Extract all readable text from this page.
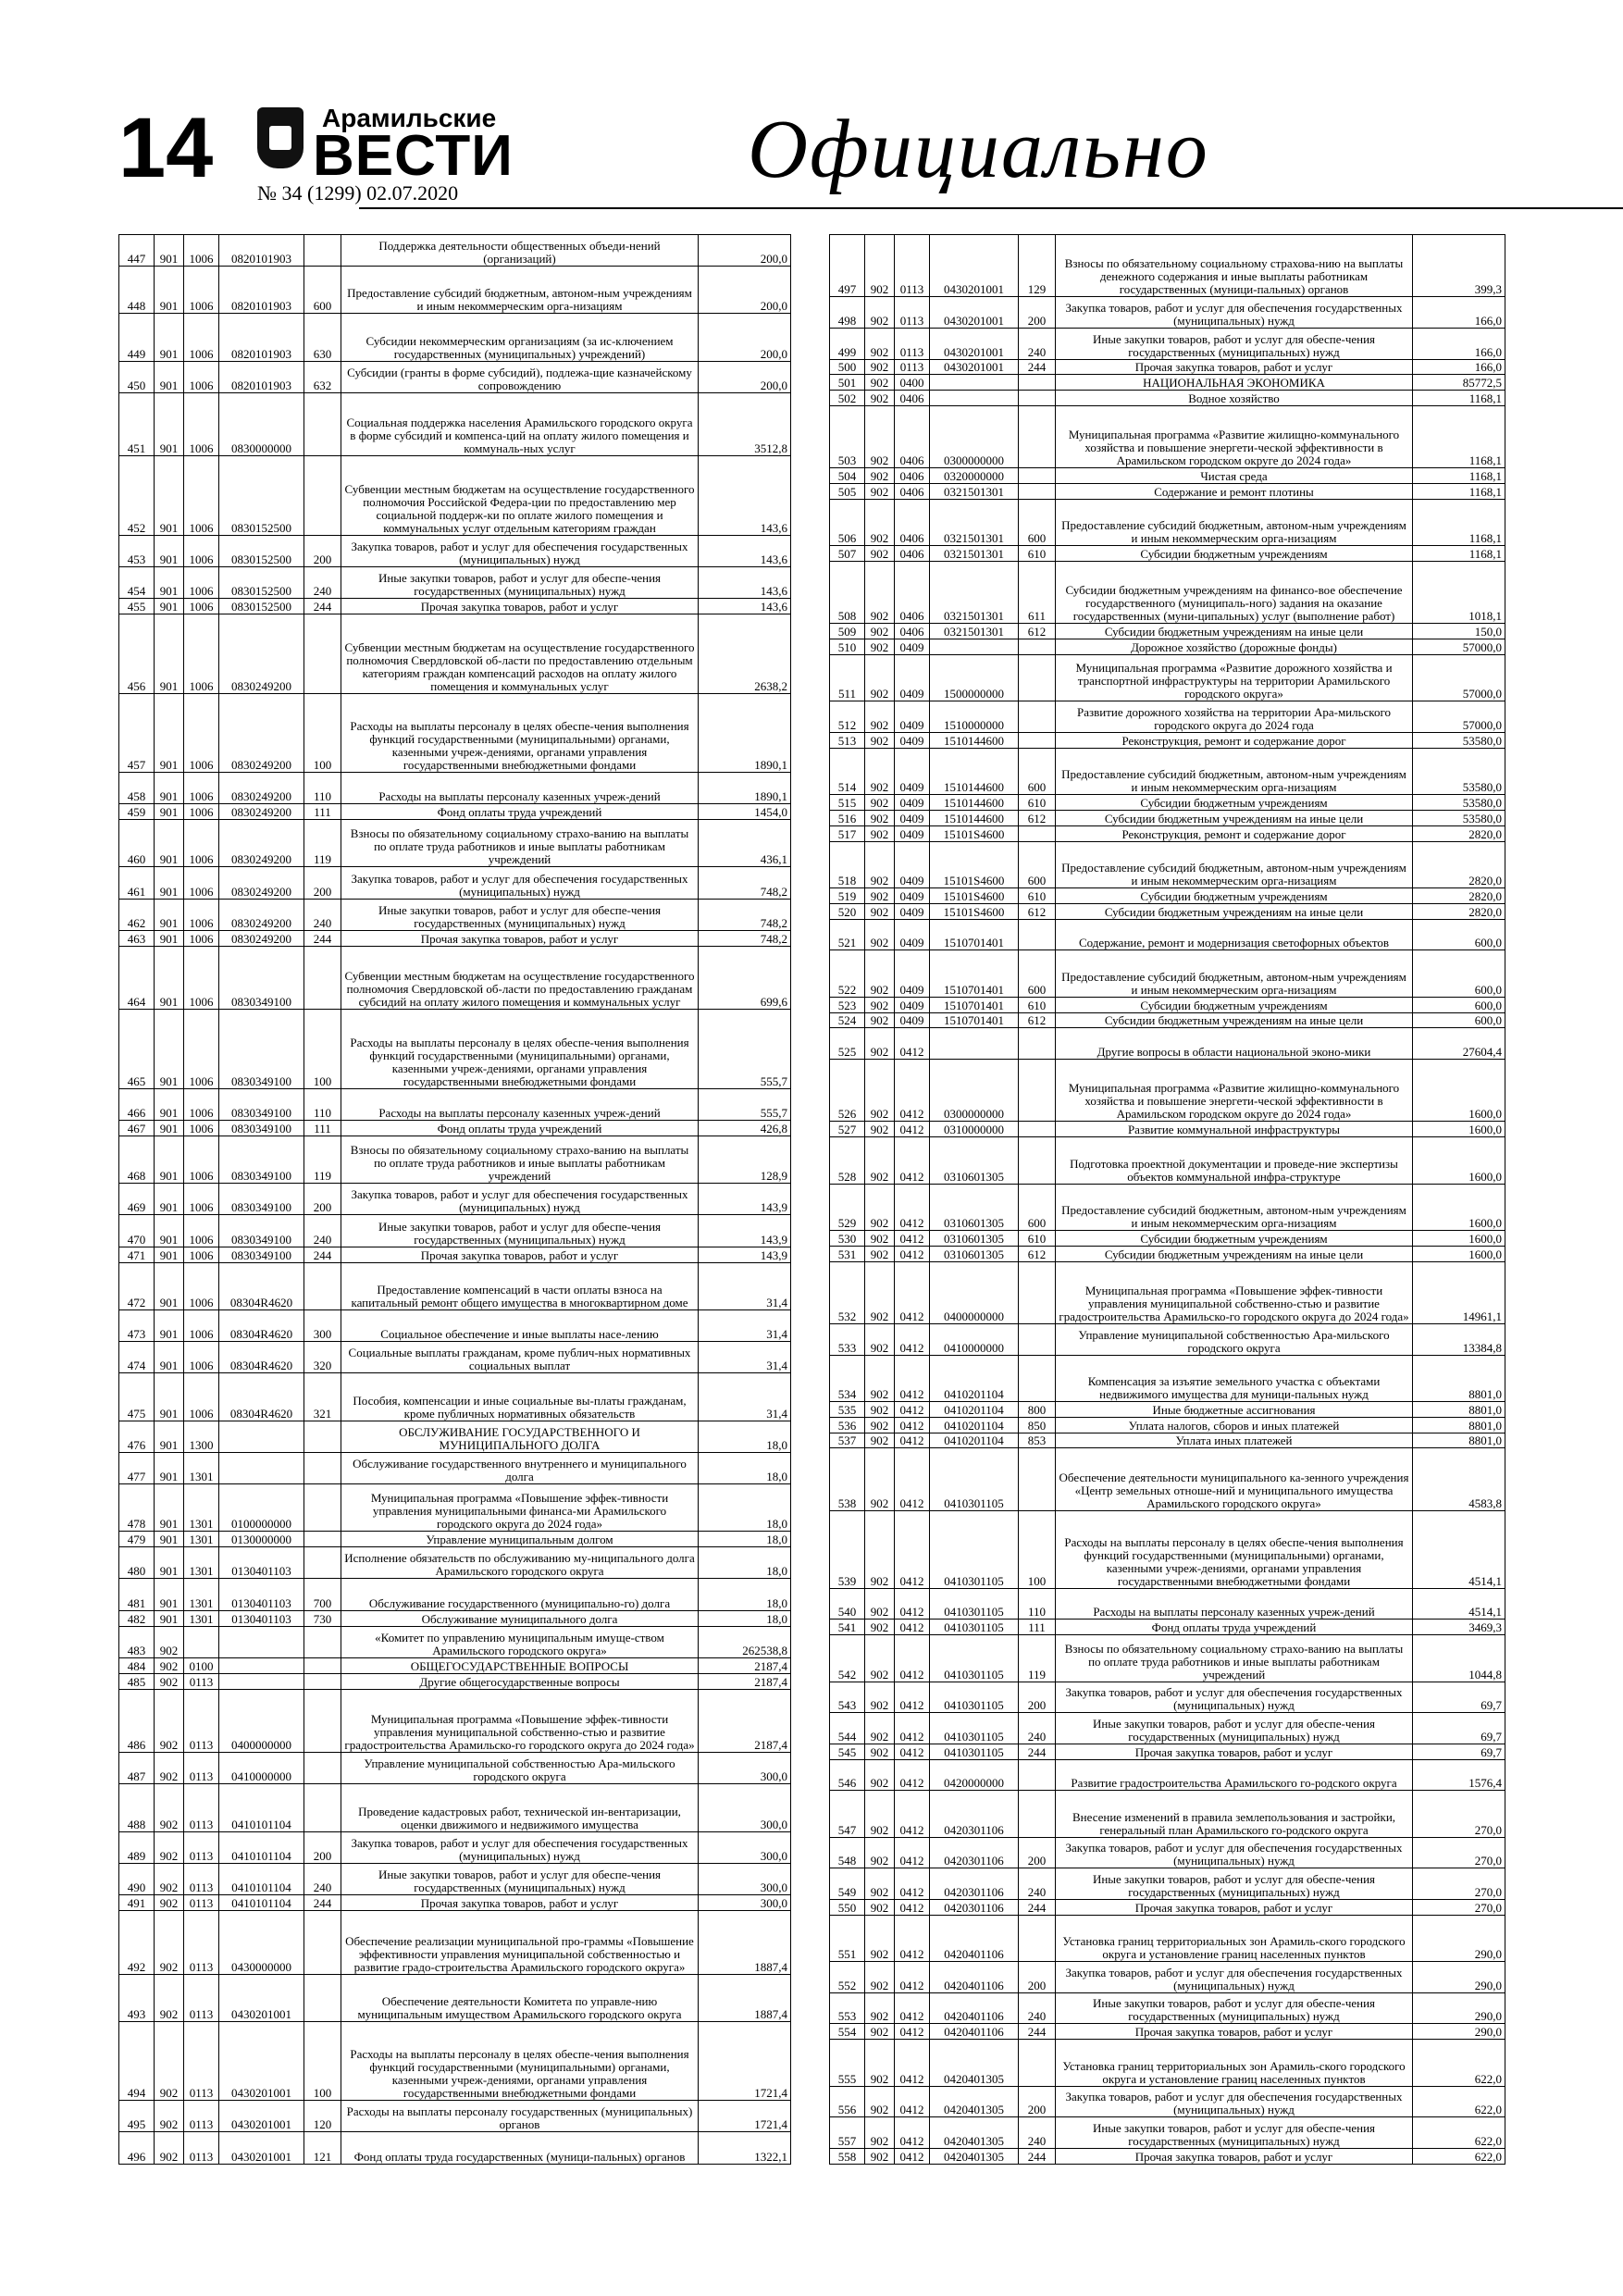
14	Арамильские
ВЕСТИ
№ 34 (1299) 02.07.2020	Официально
447	901	1006	0820101903		Поддержка деятельности общественных объеди-нений (организаций)	200,0
448	901	1006	0820101903	600	Предоставление субсидий бюджетным, автоном-ным учреждениям и иным некоммерческим орга-низациям	200,0
449	901	1006	0820101903	630	Субсидии некоммерческим организациям (за ис-ключением государственных (муниципальных) учреждений)	200,0
450	901	1006	0820101903	632	Субсидии (гранты в форме субсидий), подлежа-щие казначейскому сопровождению	200,0
451	901	1006	0830000000		Социальная поддержка населения Арамильского городского округа в форме субсидий и компенса-ций на оплату жилого помещения и коммуналь-ных услуг	3512,8
452	901	1006	0830152500		Субвенции местным бюджетам на осуществление государственного полномочия Российской Федера-ции по предоставлению мер социальной поддерж-ки по оплате жилого помещения и коммунальных услуг отдельным категориям граждан	143,6
453	901	1006	0830152500	200	Закупка товаров, работ и услуг для обеспечения государственных (муниципальных) нужд	143,6
454	901	1006	0830152500	240	Иные закупки товаров, работ и услуг для обеспе-чения государственных (муниципальных) нужд	143,6
455	901	1006	0830152500	244	Прочая закупка товаров, работ и услуг	143,6
456	901	1006	0830249200		Субвенции местным бюджетам на осуществление государственного полномочия Свердловской об-ласти по предоставлению отдельным категориям граждан компенсаций расходов на оплату жилого помещения и коммунальных услуг	2638,2
457	901	1006	0830249200	100	Расходы на выплаты персоналу в целях обеспе-чения выполнения функций государственными (муниципальными) органами, казенными учреж-дениями, органами управления государственными внебюджетными фондами	1890,1
458	901	1006	0830249200	110	Расходы на выплаты персоналу казенных учреж-дений	1890,1
459	901	1006	0830249200	111	Фонд оплаты труда учреждений	1454,0
460	901	1006	0830249200	119	Взносы по обязательному социальному страхо-ванию на выплаты по оплате труда работников и иные выплаты работникам учреждений	436,1
461	901	1006	0830249200	200	Закупка товаров, работ и услуг для обеспечения государственных (муниципальных) нужд	748,2
462	901	1006	0830249200	240	Иные закупки товаров, работ и услуг для обеспе-чения государственных (муниципальных) нужд	748,2
463	901	1006	0830249200	244	Прочая закупка товаров, работ и услуг	748,2
464	901	1006	0830349100		Субвенции местным бюджетам на осуществление государственного полномочия Свердловской об-ласти по предоставлению гражданам субсидий на оплату жилого помещения и коммунальных услуг	699,6
465	901	1006	0830349100	100	Расходы на выплаты персоналу в целях обеспе-чения выполнения функций государственными (муниципальными) органами, казенными учреж-дениями, органами управления государственными внебюджетными фондами	555,7
466	901	1006	0830349100	110	Расходы на выплаты персоналу казенных учреж-дений	555,7
467	901	1006	0830349100	111	Фонд оплаты труда учреждений	426,8
468	901	1006	0830349100	119	Взносы по обязательному социальному страхо-ванию на выплаты по оплате труда работников и иные выплаты работникам учреждений	128,9
469	901	1006	0830349100	200	Закупка товаров, работ и услуг для обеспечения государственных (муниципальных) нужд	143,9
470	901	1006	0830349100	240	Иные закупки товаров, работ и услуг для обеспе-чения государственных (муниципальных) нужд	143,9
471	901	1006	0830349100	244	Прочая закупка товаров, работ и услуг	143,9
472	901	1006	08304R4620		Предоставление компенсаций в части оплаты взноса на капитальный ремонт общего имущества в многоквартирном доме	31,4
473	901	1006	08304R4620	300	Социальное обеспечение и иные выплаты насе-лению	31,4
474	901	1006	08304R4620	320	Социальные выплаты гражданам, кроме публич-ных нормативных социальных выплат	31,4
475	901	1006	08304R4620	321	Пособия, компенсации и иные социальные вы-платы гражданам, кроме публичных нормативных обязательств	31,4
476	901	1300			ОБСЛУЖИВАНИЕ ГОСУДАРСТВЕННОГО И МУНИЦИПАЛЬНОГО ДОЛГА	18,0
477	901	1301			Обслуживание государственного внутреннего и муниципального долга	18,0
478	901	1301	0100000000		Муниципальная программа «Повышение эффек-тивности управления муниципальными финанса-ми Арамильского городского округа до 2024 года»	18,0
479	901	1301	0130000000		Управление муниципальным долгом	18,0
480	901	1301	0130401103		Исполнение обязательств по обслуживанию му-ниципального долга Арамильского городского округа	18,0
481	901	1301	0130401103	700	Обслуживание государственного (муниципально-го) долга	18,0
482	901	1301	0130401103	730	Обслуживание муниципального долга	18,0
483	902				«Комитет по управлению муниципальным имуще-ством Арамильского городского округа»	262538,8
484	902	0100			ОБЩЕГОСУДАРСТВЕННЫЕ ВОПРОСЫ	2187,4
485	902	0113			Другие общегосударственные вопросы	2187,4
486	902	0113	0400000000		Муниципальная программа «Повышение эффек-тивности управления муниципальной собственно-стью и развитие градостроительства Арамильско-го городского округа до 2024 года»	2187,4
487	902	0113	0410000000		Управление муниципальной собственностью Ара-мильского городского округа	300,0
488	902	0113	0410101104		Проведение кадастровых работ, технической ин-вентаризации, оценки движимого и недвижимого имущества	300,0
489	902	0113	0410101104	200	Закупка товаров, работ и услуг для обеспечения государственных (муниципальных) нужд	300,0
490	902	0113	0410101104	240	Иные закупки товаров, работ и услуг для обеспе-чения государственных (муниципальных) нужд	300,0
491	902	0113	0410101104	244	Прочая закупка товаров, работ и услуг	300,0
492	902	0113	0430000000		Обеспечение реализации муниципальной про-граммы «Повышение эффективности управления муниципальной собственностью и развитие градо-строительства Арамильского городского округа»	1887,4
493	902	0113	0430201001		Обеспечение деятельности Комитета по управле-нию муниципальным имуществом Арамильского городского округа	1887,4
494	902	0113	0430201001	100	Расходы на выплаты персоналу в целях обеспе-чения выполнения функций государственными (муниципальными) органами, казенными учреж-дениями, органами управления государственными внебюджетными фондами	1721,4
495	902	0113	0430201001	120	Расходы на выплаты персоналу государственных (муниципальных) органов	1721,4
496	902	0113	0430201001	121	Фонд оплаты труда государственных (муници-пальных) органов	1322,1
497	902	0113	0430201001	129	Взносы по обязательному социальному страхова-нию на выплаты денежного содержания и иные выплаты работникам государственных (муници-пальных) органов	399,3
498	902	0113	0430201001	200	Закупка товаров, работ и услуг для обеспечения государственных (муниципальных) нужд	166,0
499	902	0113	0430201001	240	Иные закупки товаров, работ и услуг для обеспе-чения государственных (муниципальных) нужд	166,0
500	902	0113	0430201001	244	Прочая закупка товаров, работ и услуг	166,0
501	902	0400			НАЦИОНАЛЬНАЯ ЭКОНОМИКА	85772,5
502	902	0406			Водное хозяйство	1168,1
503	902	0406	0300000000		Муниципальная программа «Развитие жилищно-коммунального хозяйства и повышение энергети-ческой эффективности в Арамильском городском округе до 2024 года»	1168,1
504	902	0406	0320000000		Чистая среда	1168,1
505	902	0406	0321501301		Содержание и ремонт плотины	1168,1
506	902	0406	0321501301	600	Предоставление субсидий бюджетным, автоном-ным учреждениям и иным некоммерческим орга-низациям	1168,1
507	902	0406	0321501301	610	Субсидии бюджетным учреждениям	1168,1
508	902	0406	0321501301	611	Субсидии бюджетным учреждениям на финансо-вое обеспечение государственного (муниципаль-ного) задания на оказание государственных (муни-ципальных) услуг (выполнение работ)	1018,1
509	902	0406	0321501301	612	Субсидии бюджетным учреждениям на иные цели	150,0
510	902	0409			Дорожное хозяйство (дорожные фонды)	57000,0
511	902	0409	1500000000		Муниципальная программа «Развитие дорожного хозяйства и транспортной инфраструктуры на территории Арамильского городского округа»	57000,0
512	902	0409	1510000000		Развитие дорожного хозяйства на территории Ара-мильского городского округа до 2024 года	57000,0
513	902	0409	1510144600		Реконструкция, ремонт и содержание дорог	53580,0
514	902	0409	1510144600	600	Предоставление субсидий бюджетным, автоном-ным учреждениям и иным некоммерческим орга-низациям	53580,0
515	902	0409	1510144600	610	Субсидии бюджетным учреждениям	53580,0
516	902	0409	1510144600	612	Субсидии бюджетным учреждениям на иные цели	53580,0
517	902	0409	15101S4600		Реконструкция, ремонт и содержание дорог	2820,0
518	902	0409	15101S4600	600	Предоставление субсидий бюджетным, автоном-ным учреждениям и иным некоммерческим орга-низациям	2820,0
519	902	0409	15101S4600	610	Субсидии бюджетным учреждениям	2820,0
520	902	0409	15101S4600	612	Субсидии бюджетным учреждениям на иные цели	2820,0
521	902	0409	1510701401		Содержание, ремонт и модернизация светофорных объектов	600,0
522	902	0409	1510701401	600	Предоставление субсидий бюджетным, автоном-ным учреждениям и иным некоммерческим орга-низациям	600,0
523	902	0409	1510701401	610	Субсидии бюджетным учреждениям	600,0
524	902	0409	1510701401	612	Субсидии бюджетным учреждениям на иные цели	600,0
525	902	0412			Другие вопросы в области национальной эконо-мики	27604,4
526	902	0412	0300000000		Муниципальная программа «Развитие жилищно-коммунального хозяйства и повышение энергети-ческой эффективности в Арамильском городском округе до 2024 года»	1600,0
527	902	0412	0310000000		Развитие коммунальной инфраструктуры	1600,0
528	902	0412	0310601305		Подготовка проектной документации и проведе-ние экспертизы объектов коммунальной инфра-структуре	1600,0
529	902	0412	0310601305	600	Предоставление субсидий бюджетным, автоном-ным учреждениям и иным некоммерческим орга-низациям	1600,0
530	902	0412	0310601305	610	Субсидии бюджетным учреждениям	1600,0
531	902	0412	0310601305	612	Субсидии бюджетным учреждениям на иные цели	1600,0
532	902	0412	0400000000		Муниципальная программа «Повышение эффек-тивности управления муниципальной собственно-стью и развитие градостроительства Арамильско-го городского округа до 2024 года»	14961,1
533	902	0412	0410000000		Управление муниципальной собственностью Ара-мильского городского округа	13384,8
534	902	0412	0410201104		Компенсация за изъятие земельного участка с объектами недвижимого имущества для муници-пальных нужд	8801,0
535	902	0412	0410201104	800	Иные бюджетные ассигнования	8801,0
536	902	0412	0410201104	850	Уплата налогов, сборов и иных платежей	8801,0
537	902	0412	0410201104	853	Уплата иных платежей	8801,0
538	902	0412	0410301105		Обеспечение деятельности муниципального ка-зенного учреждения «Центр земельных отноше-ний и муниципального имущества Арамильского городского округа»	4583,8
539	902	0412	0410301105	100	Расходы на выплаты персоналу в целях обеспе-чения выполнения функций государственными (муниципальными) органами, казенными учреж-дениями, органами управления государственными внебюджетными фондами	4514,1
540	902	0412	0410301105	110	Расходы на выплаты персоналу казенных учреж-дений	4514,1
541	902	0412	0410301105	111	Фонд оплаты труда учреждений	3469,3
542	902	0412	0410301105	119	Взносы по обязательному социальному страхо-ванию на выплаты по оплате труда работников и иные выплаты работникам учреждений	1044,8
543	902	0412	0410301105	200	Закупка товаров, работ и услуг для обеспечения государственных (муниципальных) нужд	69,7
544	902	0412	0410301105	240	Иные закупки товаров, работ и услуг для обеспе-чения государственных (муниципальных) нужд	69,7
545	902	0412	0410301105	244	Прочая закупка товаров, работ и услуг	69,7
546	902	0412	0420000000		Развитие градостроительства Арамильского го-родского округа	1576,4
547	902	0412	0420301106		Внесение изменений в правила землепользования и застройки, генеральный план Арамильского го-родского округа	270,0
548	902	0412	0420301106	200	Закупка товаров, работ и услуг для обеспечения государственных (муниципальных) нужд	270,0
549	902	0412	0420301106	240	Иные закупки товаров, работ и услуг для обеспе-чения государственных (муниципальных) нужд	270,0
550	902	0412	0420301106	244	Прочая закупка товаров, работ и услуг	270,0
551	902	0412	0420401106		Установка границ территориальных зон Арамиль-ского городского округа и установление границ населенных пунктов	290,0
552	902	0412	0420401106	200	Закупка товаров, работ и услуг для обеспечения государственных (муниципальных) нужд	290,0
553	902	0412	0420401106	240	Иные закупки товаров, работ и услуг для обеспе-чения государственных (муниципальных) нужд	290,0
554	902	0412	0420401106	244	Прочая закупка товаров, работ и услуг	290,0
555	902	0412	0420401305		Установка границ территориальных зон Арамиль-ского городского округа и установление границ населенных пунктов	622,0
556	902	0412	0420401305	200	Закупка товаров, работ и услуг для обеспечения государственных (муниципальных) нужд	622,0
557	902	0412	0420401305	240	Иные закупки товаров, работ и услуг для обеспе-чения государственных (муниципальных) нужд	622,0
558	902	0412	0420401305	244	Прочая закупка товаров, работ и услуг	622,0
